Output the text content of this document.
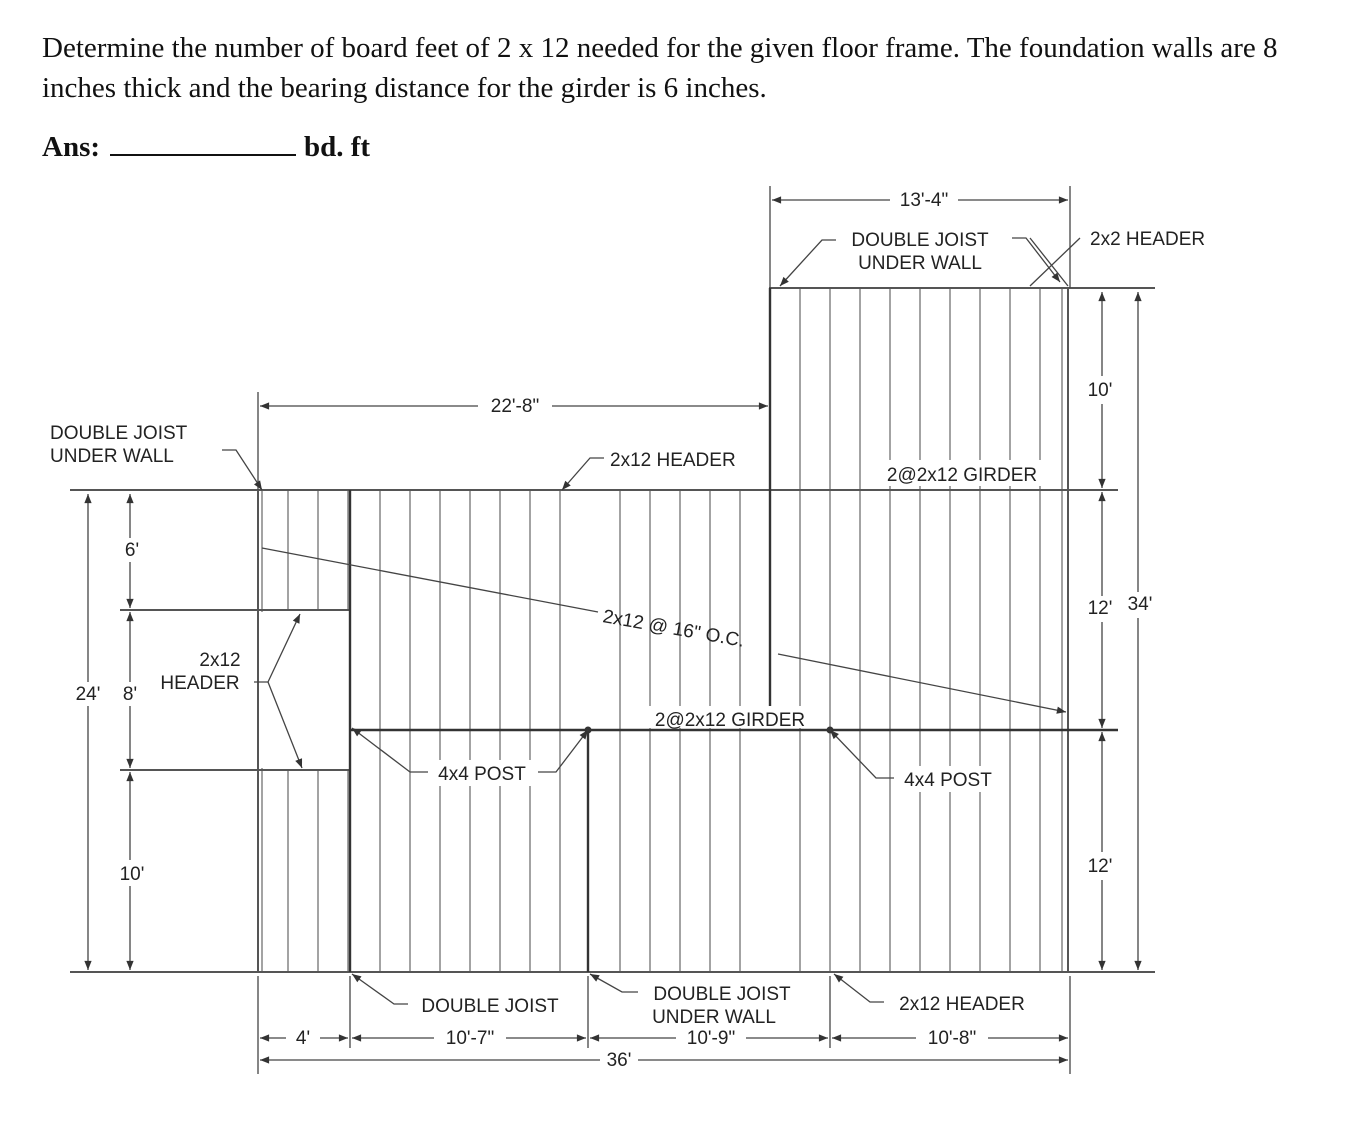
Determine the number of board feet of 2 x 12 needed for the given floor frame. The foundation walls are 8 inches thick and the bearing distance for the girder is 6 inches.
Ans:	bd. ft
13'-4"
22'-8"
10'
12' 34'
12'
24'
6'
8'
10'
4'	10'-7"	10'-9"	10'-8"
36'
DOUBLE JOIST
UNDER WALL
2x2 HEADER
DOUBLE JOIST
UNDER WALL	2x12 HEADER
2@2x12 GIRDER
2x12 @ 16" O.C.
2x12
HEADER
2@2x12 GIRDER
4x4 POST	4x4 POST
DOUBLE JOIST
DOUBLE JOIST
UNDER WALL
2x12 HEADER
